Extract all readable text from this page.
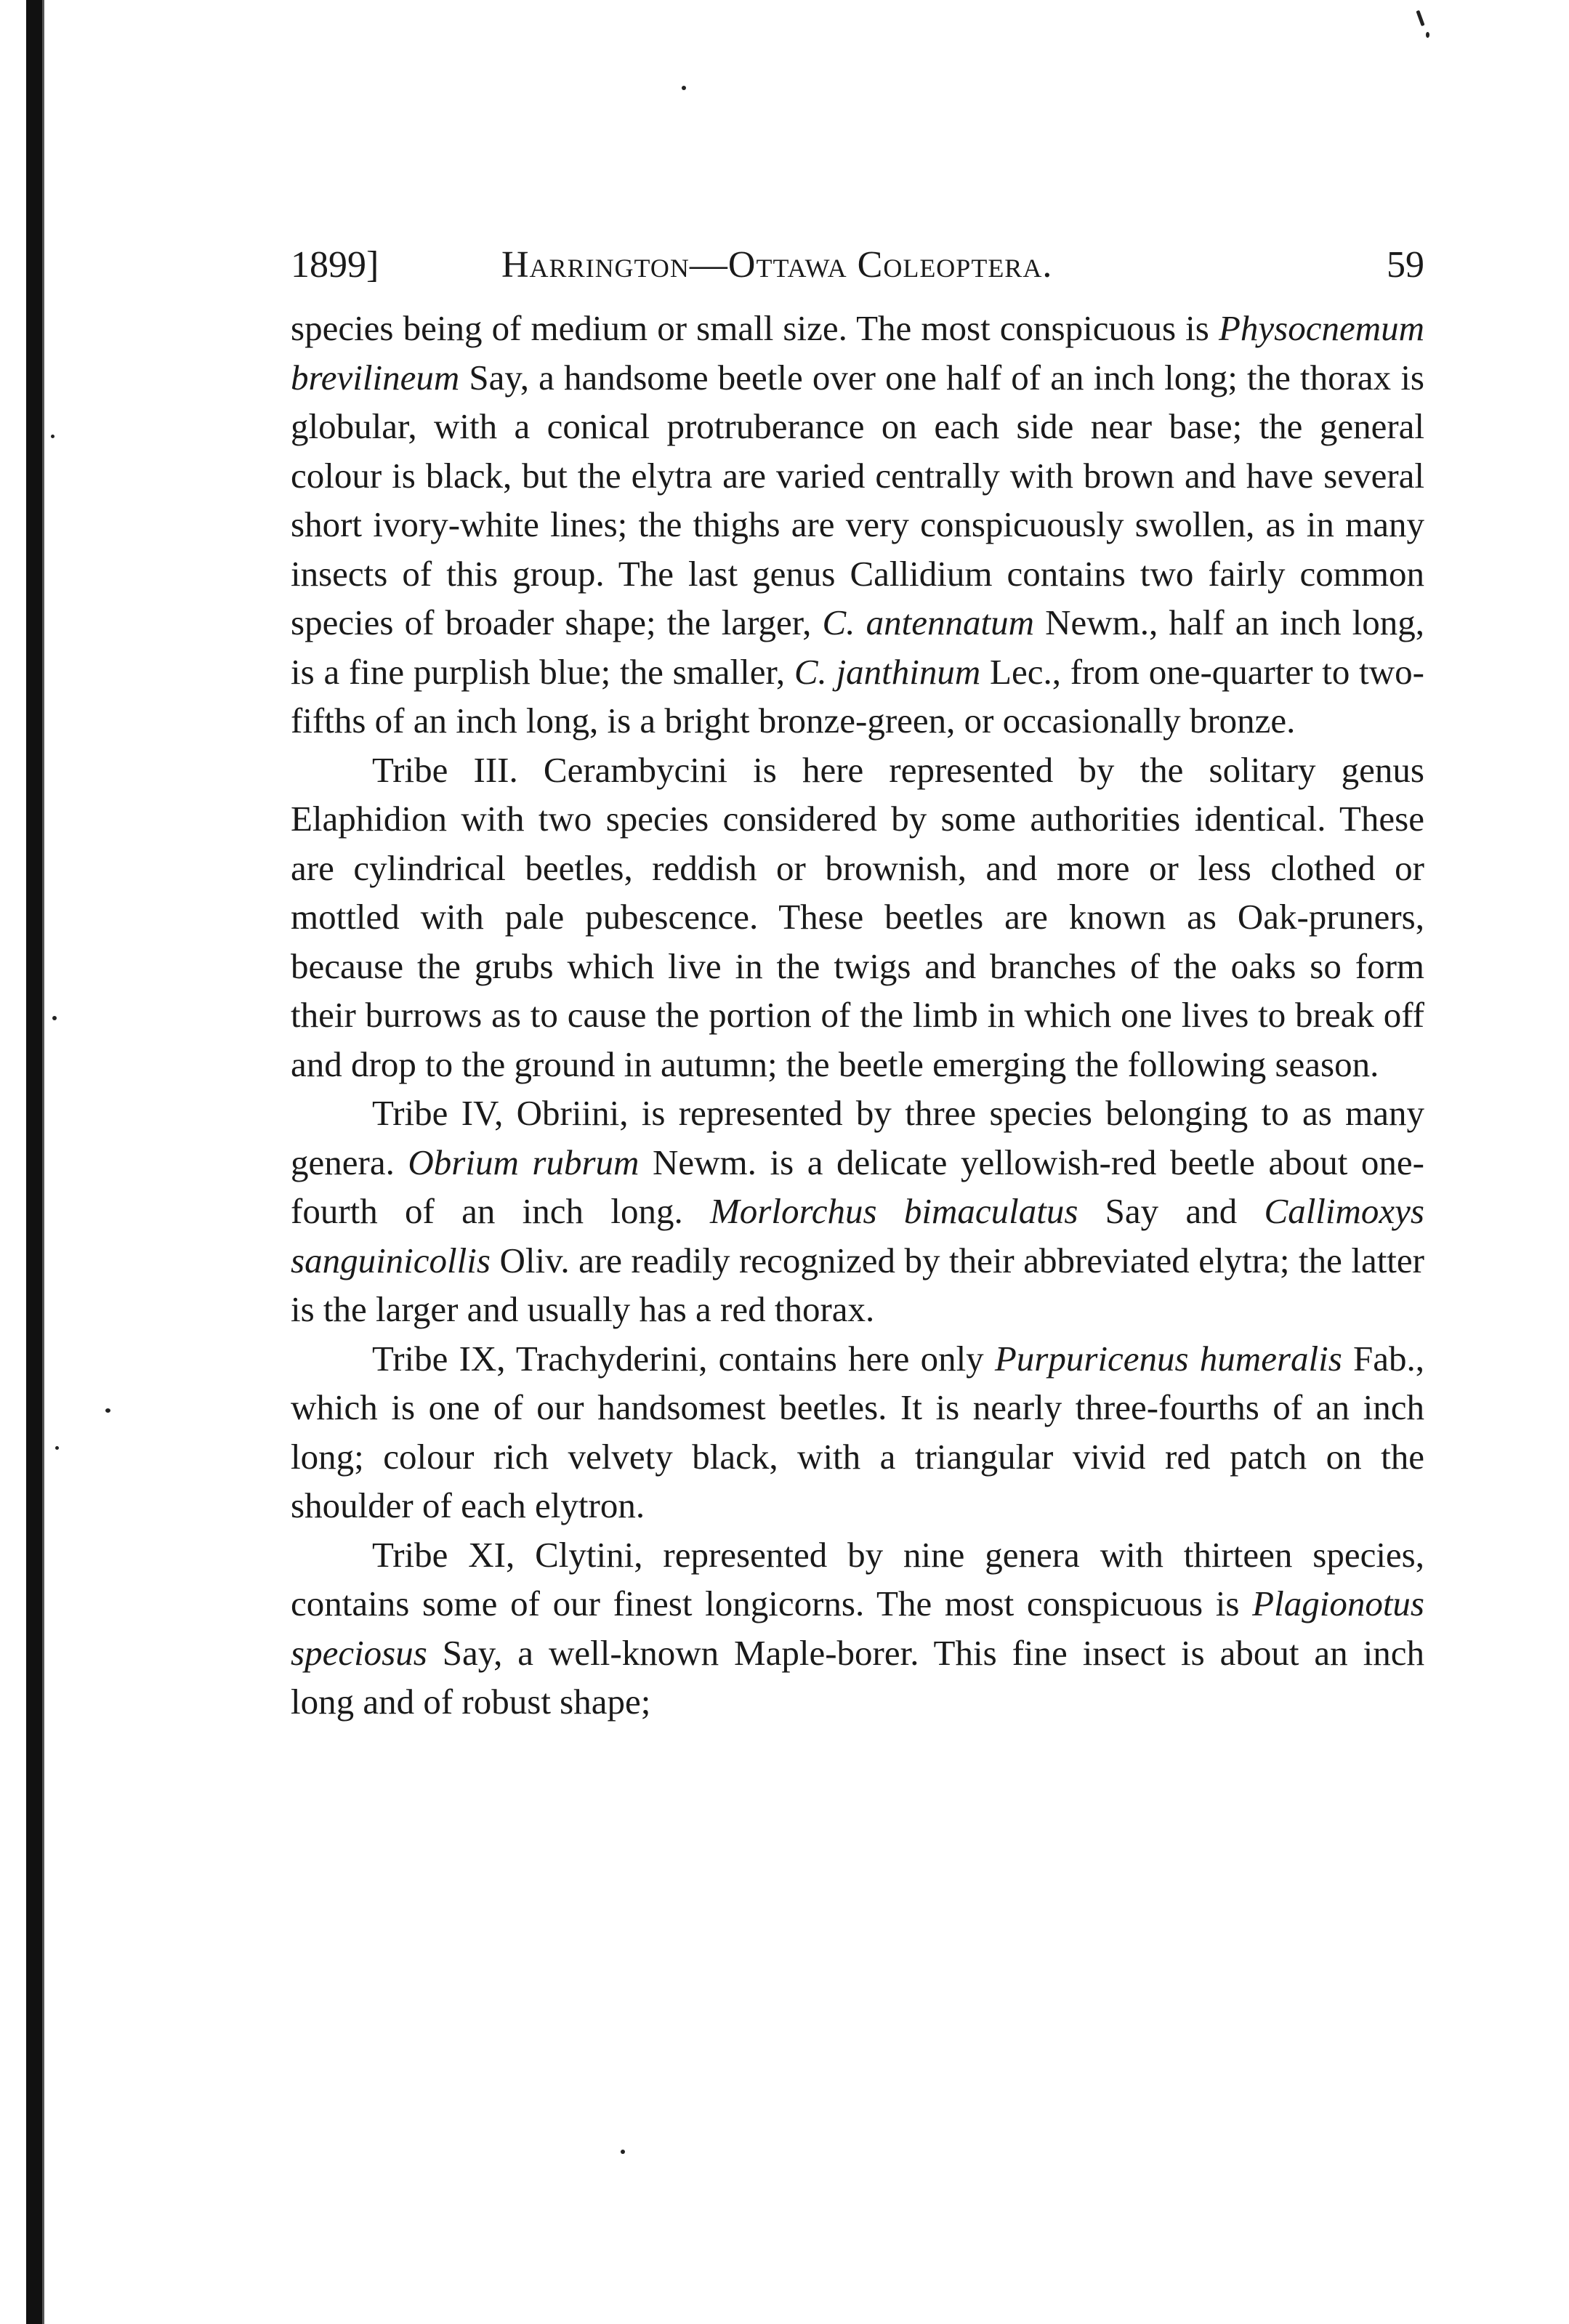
1899]	Harrington—Ottawa Coleoptera.	59

species being of medium or small size. The most conspicuous is Physocnemum brevilineum Say, a handsome beetle over one half of an inch long; the thorax is globular, with a conical protruberance on each side near base; the general colour is black, but the elytra are varied centrally with brown and have several short ivory-white lines; the thighs are very conspicuously swollen, as in many insects of this group. The last genus Callidium contains two fairly common species of broader shape; the larger, C. antennatum Newm., half an inch long, is a fine purplish blue; the smaller, C. janthinum Lec., from one-quarter to two-fifths of an inch long, is a bright bronze-green, or occasionally bronze.

Tribe III. Cerambycini is here represented by the solitary genus Elaphidion with two species considered by some authorities identical. These are cylindrical beetles, reddish or brownish, and more or less clothed or mottled with pale pubescence. These beetles are known as Oak-pruners, because the grubs which live in the twigs and branches of the oaks so form their burrows as to cause the portion of the limb in which one lives to break off and drop to the ground in autumn; the beetle emerging the following season.

Tribe IV, Obriini, is represented by three species belonging to as many genera. Obrium rubrum Newm. is a delicate yellowish-red beetle about one-fourth of an inch long. Morlorchus bimaculatus Say and Callimoxys sanguinicollis Oliv. are readily recognized by their abbreviated elytra; the latter is the larger and usually has a red thorax.

Tribe IX, Trachyderini, contains here only Purpuricenus humeralis Fab., which is one of our handsomest beetles. It is nearly three-fourths of an inch long; colour rich velvety black, with a triangular vivid red patch on the shoulder of each elytron.

Tribe XI, Clytini, represented by nine genera with thirteen species, contains some of our finest longicorns. The most conspicuous is Plagionotus speciosus Say, a well-known Maple-borer. This fine insect is about an inch long and of robust shape;
